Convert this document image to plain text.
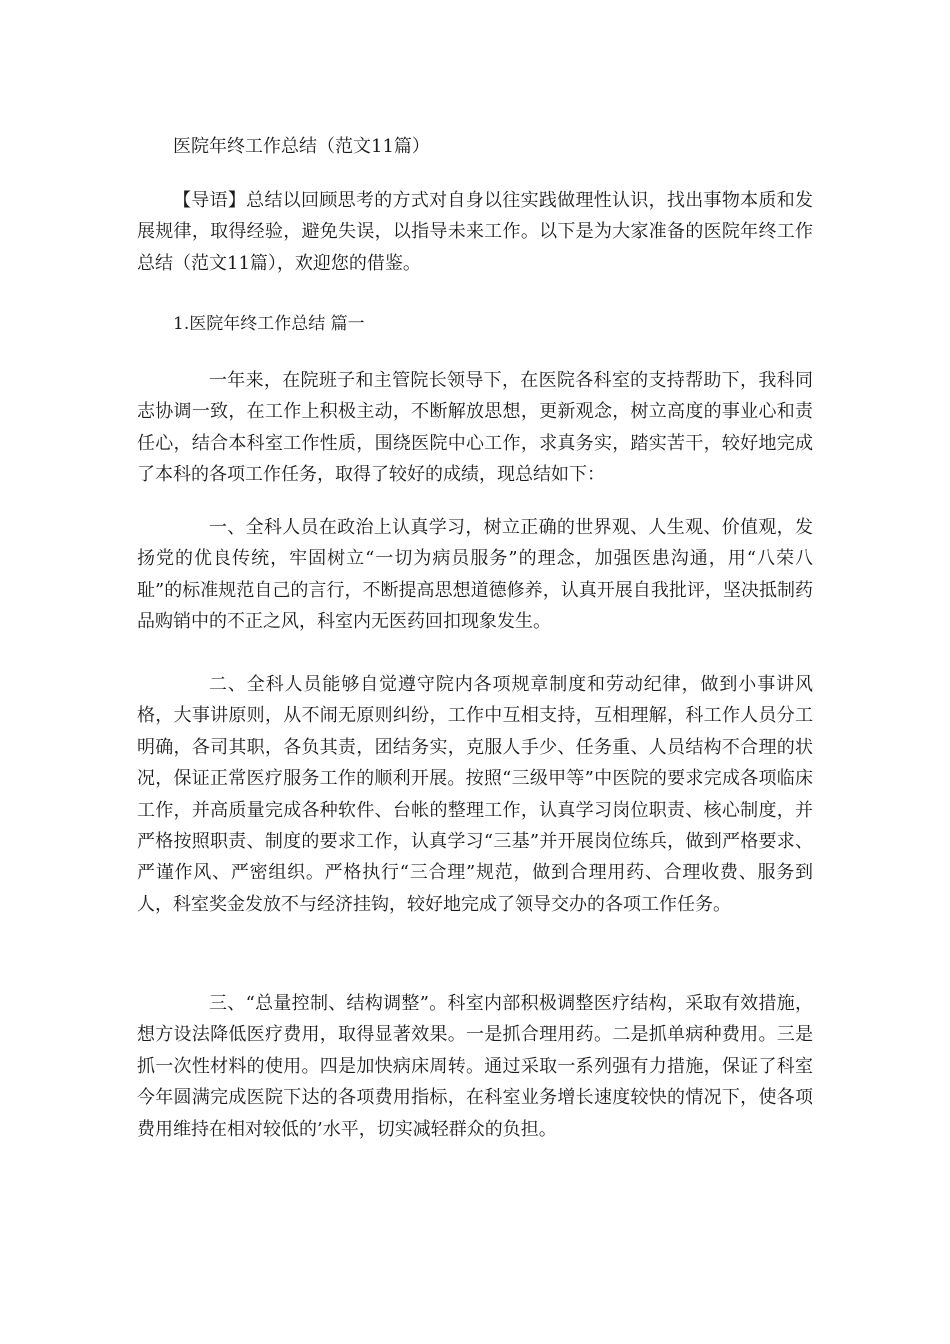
医院年终工作总结（范文11篇）

【导语】总结以回顾思考的方式对自身以往实践做理性认识，找出事物本质和发展规律，取得经验，避免失误，以指导未来工作。以下是为大家准备的医院年终工作总结（范文11篇），欢迎您的借鉴。

1.医院年终工作总结 篇一

一年来，在院班子和主管院长领导下，在医院各科室的支持帮助下，我科同志协调一致，在工作上积极主动，不断解放思想，更新观念，树立高度的事业心和责任心，结合本科室工作性质，围绕医院中心工作，求真务实，踏实苦干，较好地完成了本科的各项工作任务，取得了较好的成绩，现总结如下：

一、全科人员在政治上认真学习，树立正确的世界观、人生观、价值观，发扬党的优良传统，牢固树立“一切为病员服务”的理念，加强医患沟通，用“八荣八耻”的标准规范自己的言行，不断提高思想道德修养，认真开展自我批评，坚决抵制药品购销中的不正之风，科室内无医药回扣现象发生。

二、全科人员能够自觉遵守院内各项规章制度和劳动纪律，做到小事讲风格，大事讲原则，从不闹无原则纠纷，工作中互相支持，互相理解，科工作人员分工明确，各司其职，各负其责，团结务实，克服人手少、任务重、人员结构不合理的状况，保证正常医疗服务工作的顺利开展。按照“三级甲等”中医院的要求完成各项临床工作，并高质量完成各种软件、台帐的整理工作，认真学习岗位职责、核心制度，并严格按照职责、制度的要求工作，认真学习“三基”并开展岗位练兵，做到严格要求、严谨作风、严密组织。严格执行“三合理”规范，做到合理用药、合理收费、服务到人，科室奖金发放不与经济挂钩，较好地完成了领导交办的各项工作任务。

三、“总量控制、结构调整”。科室内部积极调整医疗结构，采取有效措施，想方设法降低医疗费用，取得显著效果。一是抓合理用药。二是抓单病种费用。三是抓一次性材料的使用。四是加快病床周转。通过采取一系列强有力措施，保证了科室今年圆满完成医院下达的各项费用指标，在科室业务增长速度较快的情况下，使各项费用维持在相对较低的’水平，切实减轻群众的负担。
